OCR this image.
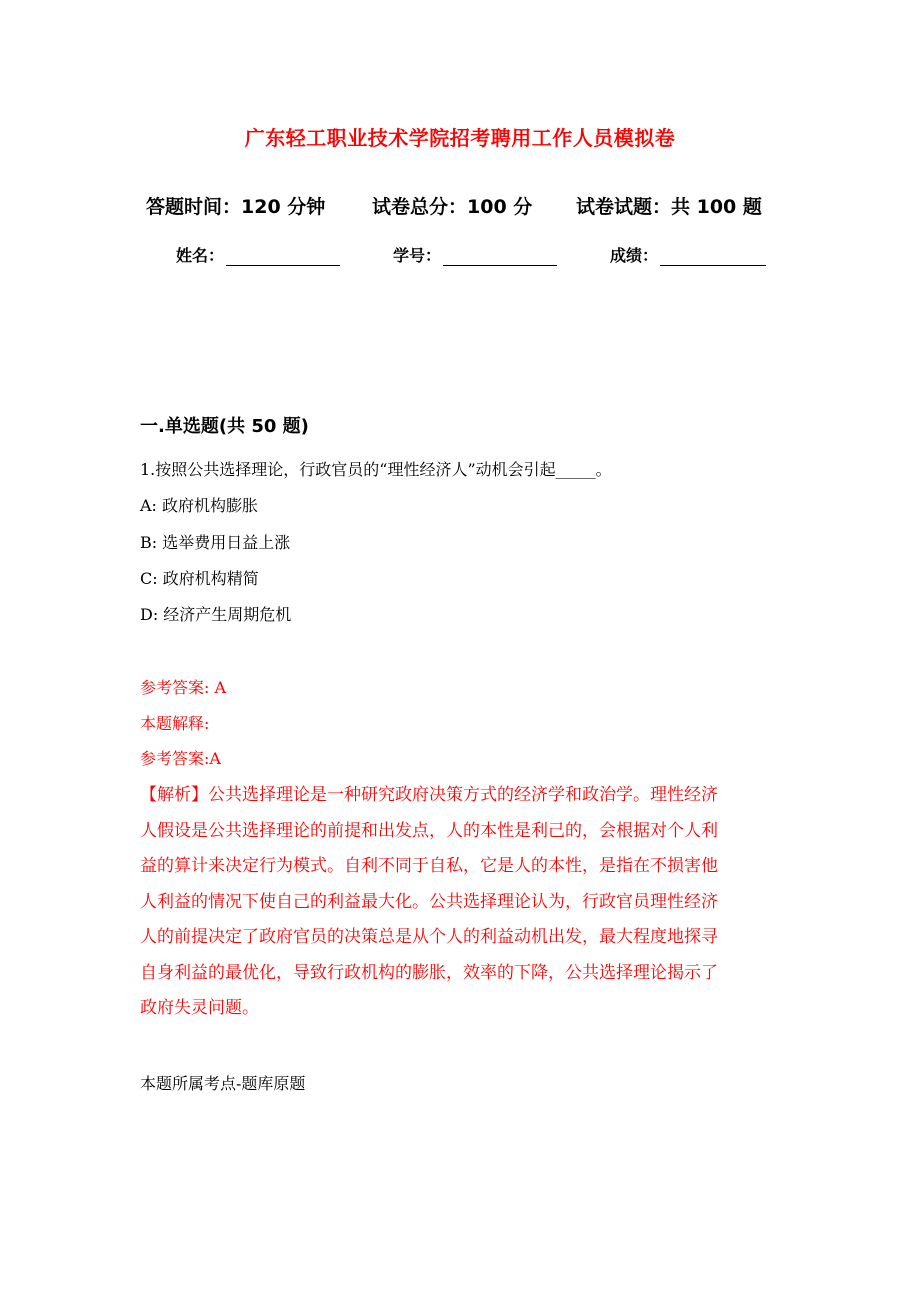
广东轻工职业技术学院招考聘用工作人员模拟卷
答题时间：120 分钟	试卷总分：100 分	试卷试题：共 100 题
姓名：	学号：	成绩：
一.单选题(共 50 题)
1.按照公共选择理论，行政官员的“理性经济人”动机会引起_____。
A: 政府机构膨胀
B: 选举费用日益上涨
C: 政府机构精简
D: 经济产生周期危机
参考答案: A
本题解释:
参考答案:A
【解析】公共选择理论是一种研究政府决策方式的经济学和政治学。理性经济
人假设是公共选择理论的前提和出发点，人的本性是利己的，会根据对个人利
益的算计来决定行为模式。自利不同于自私，它是人的本性，是指在不损害他
人利益的情况下使自己的利益最大化。公共选择理论认为，行政官员理性经济
人的前提决定了政府官员的决策总是从个人的利益动机出发，最大程度地探寻
自身利益的最优化，导致行政机构的膨胀，效率的下降，公共选择理论揭示了
政府失灵问题。
本题所属考点-题库原题
